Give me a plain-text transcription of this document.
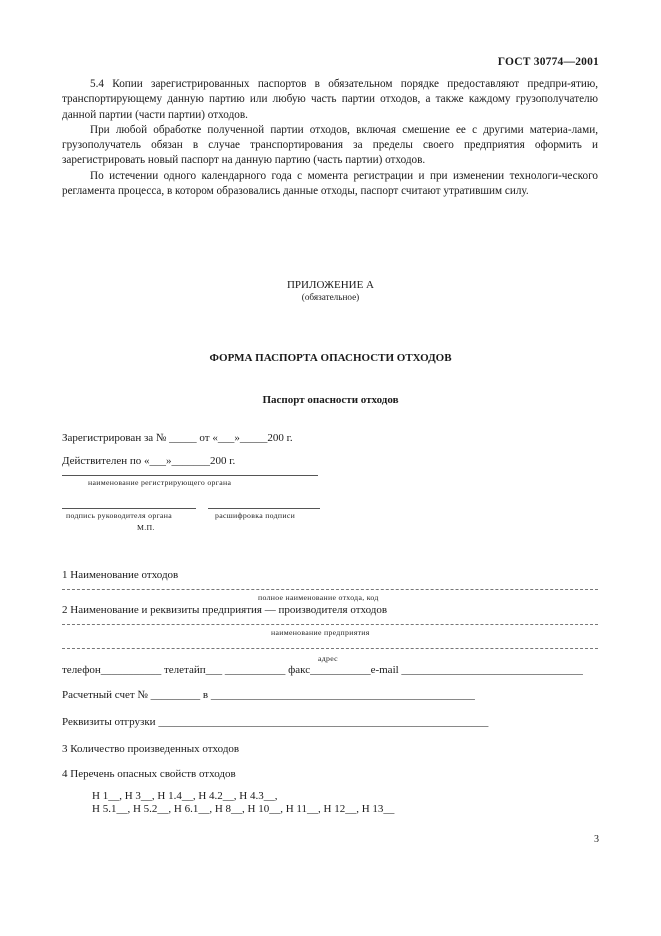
ГОСТ 30774—2001

5.4 Копии зарегистрированных паспортов в обязательном порядке предоставляют предпри-ятию, транспортирующему данную партию или любую часть партии отходов, а также каждому грузополучателю данной партии (части партии) отходов.

При любой обработке полученной партии отходов, включая смешение ее с другими материа-лами, грузополучатель обязан в случае транспортирования за пределы своего предприятия оформить и зарегистрировать новый паспорт на данную партию (часть партии) отходов.

По истечении одного календарного года с момента регистрации и при изменении технологи-ческого регламента процесса, в котором образовались данные отходы, паспорт считают утратившим силу.

ПРИЛОЖЕНИЕ А
(обязательное)
ФОРМА ПАСПОРТА ОПАСНОСТИ ОТХОДОВ
Паспорт опасности отходов
Зарегистрирован за № _____ от «___»_____200 г.
Действителен по «___»_______200 г.
наименование регистрирующего органа
подпись руководителя органа	расшифровка подписи
М.П.
1 Наименование отходов
полное наименование отхода, код
2 Наименование и реквизиты предприятия — производителя отходов
наименование предприятия
адрес
телефон___________ телетайп___ ___________ факс___________e-mail _________________________________
Расчетный счет № _________ в ________________________________________________
Реквизиты отгрузки ____________________________________________________________
3 Количество произведенных отходов
4 Перечень опасных свойств отходов
Н 1__, Н 3__, Н 1.4__, Н 4.2__, Н 4.3__,
Н 5.1__, Н 5.2__, Н 6.1__, Н 8__, Н 10__, Н 11__, Н 12__, Н 13__
3
